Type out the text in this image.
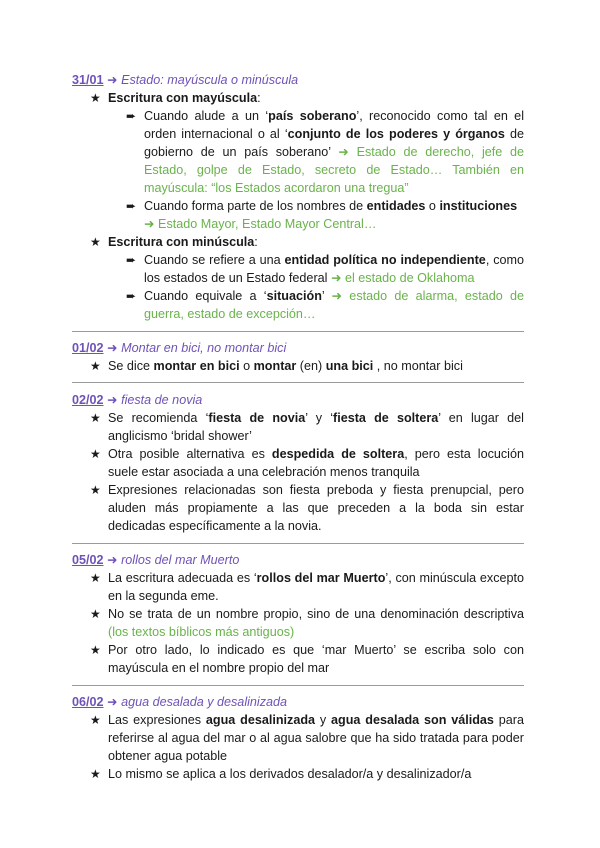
31/01 ➜ Estado: mayúscula o minúscula
★ Escritura con mayúscula:
➨ Cuando alude a un ‘país soberano’, reconocido como tal en el orden internacional o al ‘conjunto de los poderes y órganos de gobierno de un país soberano’ ➜ Estado de derecho, jefe de Estado, golpe de Estado, secreto de Estado… También en mayúscula: “los Estados acordaron una tregua”
➨ Cuando forma parte de los nombres de entidades o instituciones ➜ Estado Mayor, Estado Mayor Central…
★ Escritura con minúscula:
➨ Cuando se refiere a una entidad política no independiente, como los estados de un Estado federal ➜ el estado de Oklahoma
➨ Cuando equivale a ‘situación’ ➜ estado de alarma, estado de guerra, estado de excepción…
01/02 ➜ Montar en bici, no montar bici
★ Se dice montar en bici o montar (en) una bici , no montar bici
02/02 ➜ fiesta de novia
★ Se recomienda ‘fiesta de novia’ y ‘fiesta de soltera’ en lugar del anglicismo ‘bridal shower’
★ Otra posible alternativa es despedida de soltera, pero esta locución suele estar asociada a una celebración menos tranquila
★ Expresiones relacionadas son fiesta preboda y fiesta prenupcial, pero aluden más propiamente a las que preceden a la boda sin estar dedicadas específicamente a la novia.
05/02 ➜ rollos del mar Muerto
★ La escritura adecuada es ‘rollos del mar Muerto’, con minúscula excepto en la segunda eme.
★ No se trata de un nombre propio, sino de una denominación descriptiva (los textos bíblicos más antiguos)
★ Por otro lado, lo indicado es que ‘mar Muerto’ se escriba solo con mayúscula en el nombre propio del mar
06/02 ➜ agua desalada y desalinizada
★ Las expresiones agua desalinizada y agua desalada son válidas para referirse al agua del mar o al agua salobre que ha sido tratada para poder obtener agua potable
★ Lo mismo se aplica a los derivados desalador/a y desalinizador/a
